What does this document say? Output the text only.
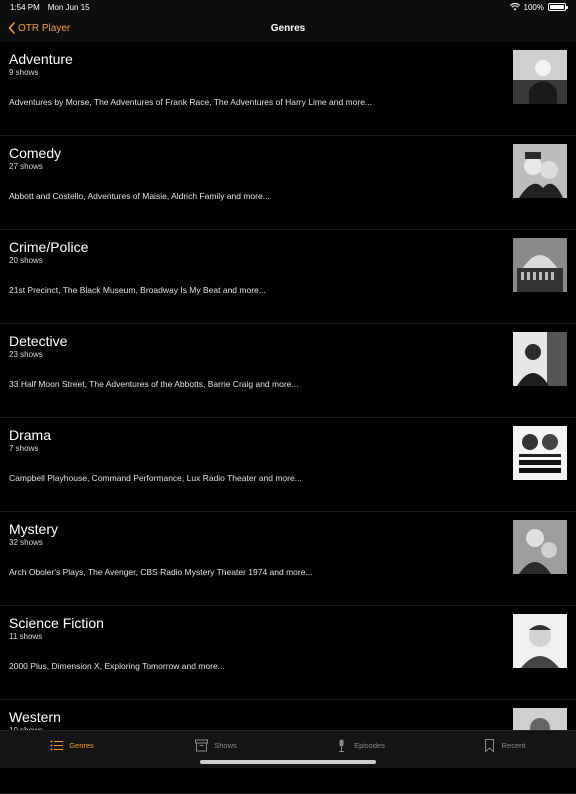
1:54 PM Mon Jun 15	100%
OTR Player	Genres
Adventure
9 shows
Adventures by Morse, The Adventures of Frank Race, The Adventures of Harry Lime and more...
Comedy
27 shows
Abbott and Costello, Adventures of Maisie, Aldrich Family and more...
Crime/Police
20 shows
21st Precinct, The Black Museum, Broadway Is My Beat and more...
Detective
23 shows
33 Half Moon Street, The Adventures of the Abbotts, Barrie Craig and more...
Drama
7 shows
Campbell Playhouse, Command Performance, Lux Radio Theater and more...
Mystery
32 shows
Arch Oboler's Plays, The Avenger, CBS Radio Mystery Theater 1974 and more...
Science Fiction
11 shows
2000 Plus, Dimension X, Exploring Tomorrow and more...
Western
Genres	Shows	Episodes	Recent
